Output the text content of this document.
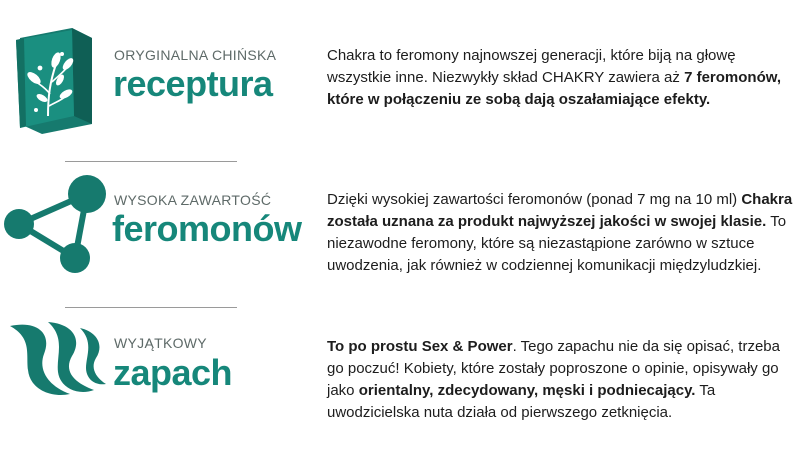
ORYGINALNA CHIŃSKA
receptura
Chakra to feromony najnowszej generacji, które biją na głowę wszystkie inne. Niezwykły skład CHAKRY zawiera aż 7 feromonów, które w połączeniu ze sobą dają oszałamiające efekty.
WYSOKA ZAWARTOŚĆ
feromonów
Dzięki wysokiej zawartości feromonów (ponad 7 mg na 10 ml) Chakra została uznana za produkt najwyższej jakości w swojej klasie. To niezawodne feromony, które są niezastąpione zarówno w sztuce uwodzenia, jak również w codziennej komunikacji międzyludzkiej.
WYJĄTKOWY
zapach
To po prostu Sex & Power. Tego zapachu nie da się opisać, trzeba go poczuć! Kobiety, które zostały poproszone o opinie, opisywały go jako orientalny, zdecydowany, męski i podniecający. Ta uwodzicielska nuta działa od pierwszego zetknięcia.
